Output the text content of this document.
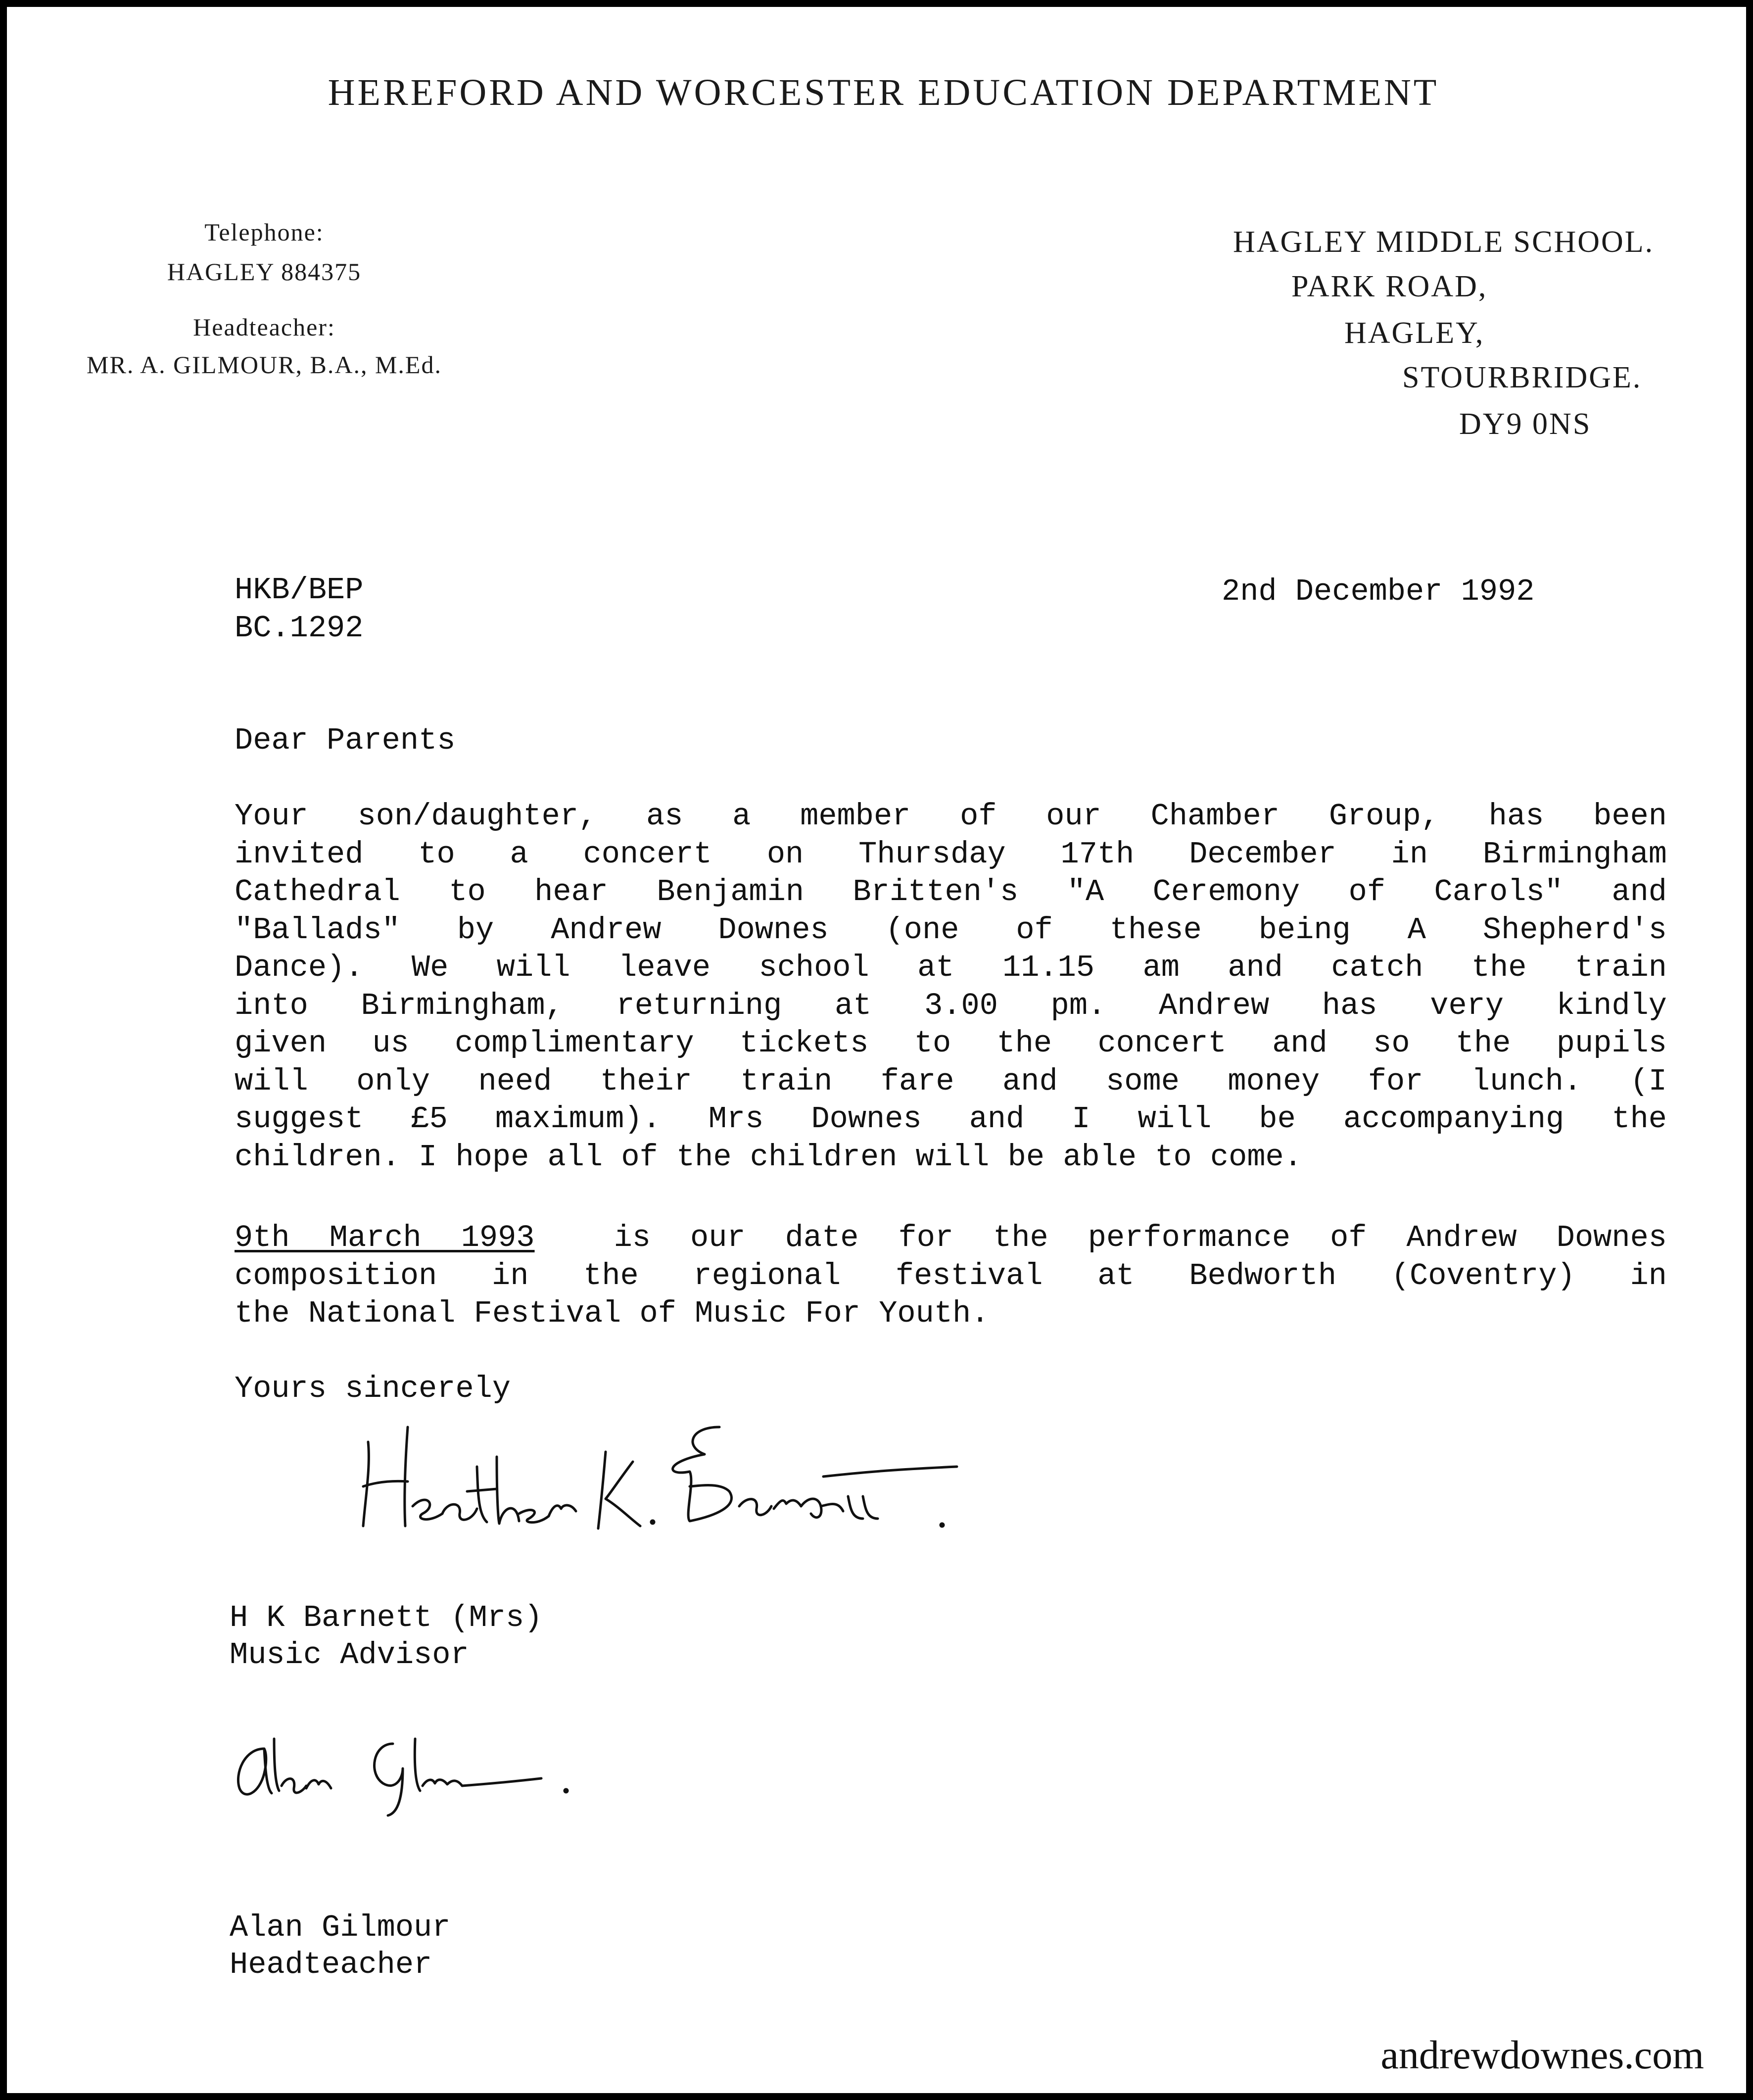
HEREFORD AND WORCESTER EDUCATION DEPARTMENT
Telephone:
HAGLEY 884375
Headteacher:
MR. A. GILMOUR, B.A., M.Ed.
HAGLEY MIDDLE SCHOOL.
PARK ROAD,
HAGLEY,
STOURBRIDGE.
DY9 0NS
HKB/BEP
BC.1292
2nd December 1992
Dear Parents
Your son/daughter, as a member of our Chamber Group, has been
invited to a concert on Thursday 17th December in Birmingham
Cathedral to hear Benjamin Britten's "A Ceremony of Carols" and
"Ballads" by Andrew Downes (one of these being A Shepherd's
Dance). We will leave school at 11.15 am and catch the train
into Birmingham, returning at 3.00 pm. Andrew has very kindly
given us complimentary tickets to the concert and so the pupils
will only need their train fare and some money for lunch. (I
suggest £5 maximum). Mrs Downes and I will be accompanying the
children. I hope all of the children will be able to come.
9th March 1993  is our date for the performance of Andrew Downes
composition in the regional festival at Bedworth (Coventry) in
the National Festival of Music For Youth.
Yours sincerely
H K Barnett (Mrs)
Music Advisor
Alan Gilmour
Headteacher
andrewdownes.com
